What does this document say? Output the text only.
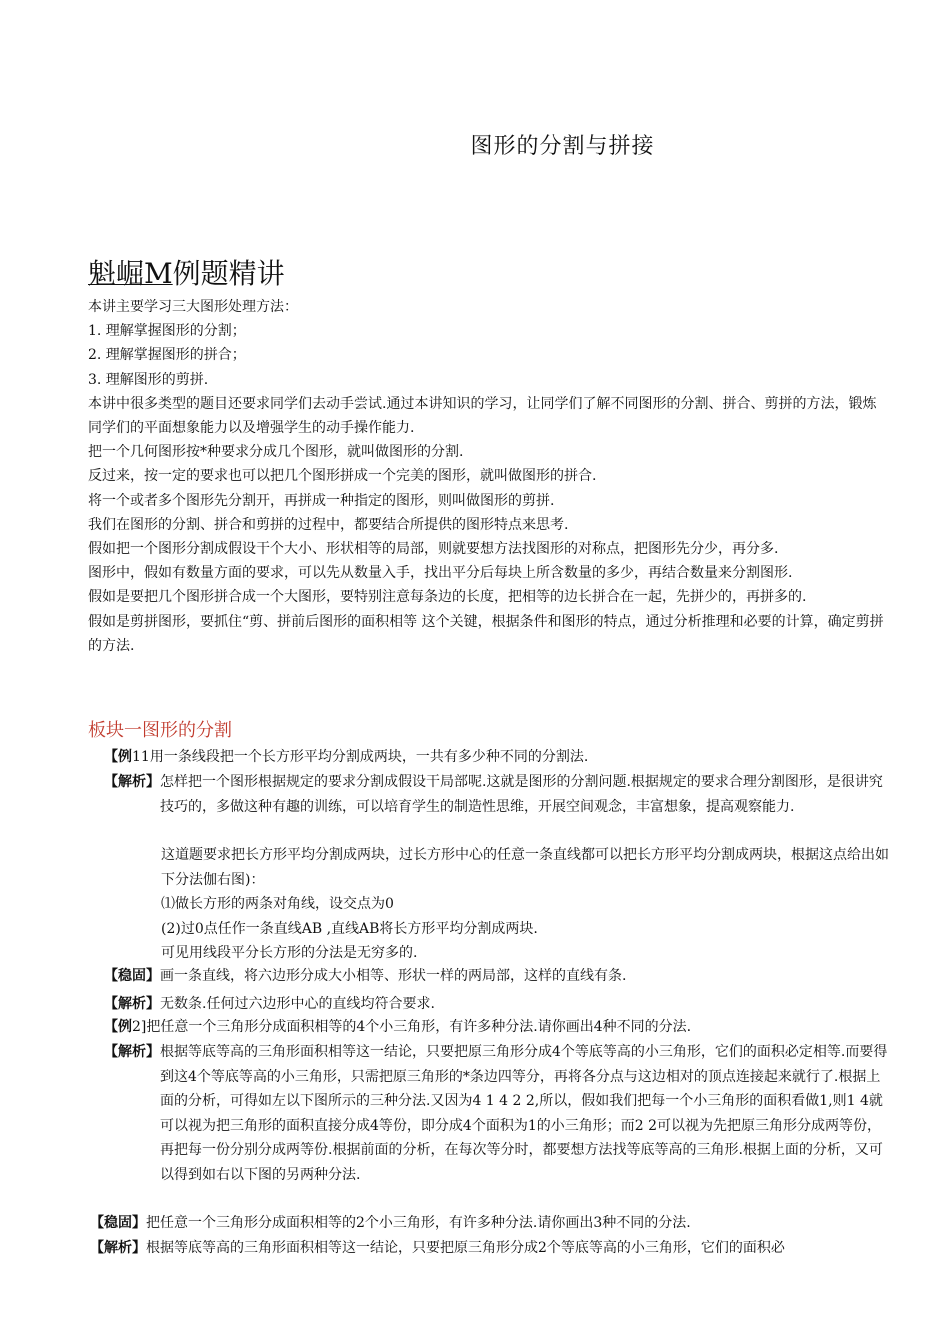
图形的分割与拼接
魁崛M例题精讲

本讲主要学习三大图形处理方法：

1. 理解掌握图形的分割；

2. 理解掌握图形的拼合；

3. 理解图形的剪拼.

本讲中很多类型的题目还要求同学们去动手尝试.通过本讲知识的学习，让同学们了解不同图形的分割、拼合、剪拼的方法，锻炼同学们的平面想象能力以及增强学生的动手操作能力.

把一个几何图形按*种要求分成几个图形，就叫做图形的分割.

反过来，按一定的要求也可以把几个图形拼成一个完美的图形，就叫做图形的拼合.

将一个或者多个图形先分割开，再拼成一种指定的图形，则叫做图形的剪拼.

我们在图形的分割、拼合和剪拼的过程中，都要结合所提供的图形特点来思考.

假如把一个图形分割成假设干个大小、形状相等的局部，则就要想方法找图形的对称点，把图形先分少，再分多.

图形中，假如有数量方面的要求，可以先从数量入手，找出平分后每块上所含数量的多少，再结合数量来分割图形.

假如是要把几个图形拼合成一个大图形，要特别注意每条边的长度，把相等的边长拼合在一起，先拼少的，再拼多的.

假如是剪拼图形，要抓住“剪、拼前后图形的面积相等 这个关键，根据条件和图形的特点，通过分析推理和必要的计算，确定剪拼的方法.

板块一图形的分割
【例 11用一条线段把一个长方形平均分割成两块，一共有多少种不同的分割法.
【解析】 怎样把一个图形根据规定的要求分割成假设干局部呢.这就是图形的分割问题.根据规定的要求合理分割图形，是很讲究技巧的，多做这种有趣的训练，可以培育学生的制造性思维，开展空间观念，丰富想象，提高观察能力.

这道题要求把长方形平均分割成两块，过长方形中心的任意一条直线都可以把长方形平均分割成两块，根据这点给出如下分法伽右图)：

⑴做长方形的两条对角线，设交点为0

(2)过0点任作一条直线AB ,直线AB将长方形平均分割成两块.

可见用线段平分长方形的分法是无穷多的.

【稳固】 画一条直线，将六边形分成大小相等、形状一样的两局部，这样的直线有条.
【解析】 无数条.任何过六边形中心的直线均符合要求.
【例 2]把任意一个三角形分成面积相等的4个小三角形，有许多种分法.请你画出4种不同的分法.
【解析】 根据等底等高的三角形面积相等这一结论，只要把原三角形分成4个等底等高的小三角形，它们的面积必定相等.而要得到这4个等底等高的小三角形，只需把原三角形的*条边四等分，再将各分点与这边相对的顶点连接起来就行了.根据上面的分析，可得如左以下图所示的三种分法.又因为4 1 4 2 2,所以，假如我们把每一个小三角形的面积看做1,则1 4就可以视为把三角形的面积直接分成4等份，即分成4个面积为1的小三角形；而2 2可以视为先把原三角形分成两等份，再把每一份分别分成两等份.根据前面的分析，在每次等分时，都要想方法找等底等高的三角形.根据上面的分析，又可以得到如右以下图的另两种分法.
【稳固】 把任意一个三角形分成面积相等的2个小三角形，有许多种分法.请你画出3种不同的分法.
【解析】 根据等底等高的三角形面积相等这一结论，只要把原三角形分成2个等底等高的小三角形，它们的面积必
